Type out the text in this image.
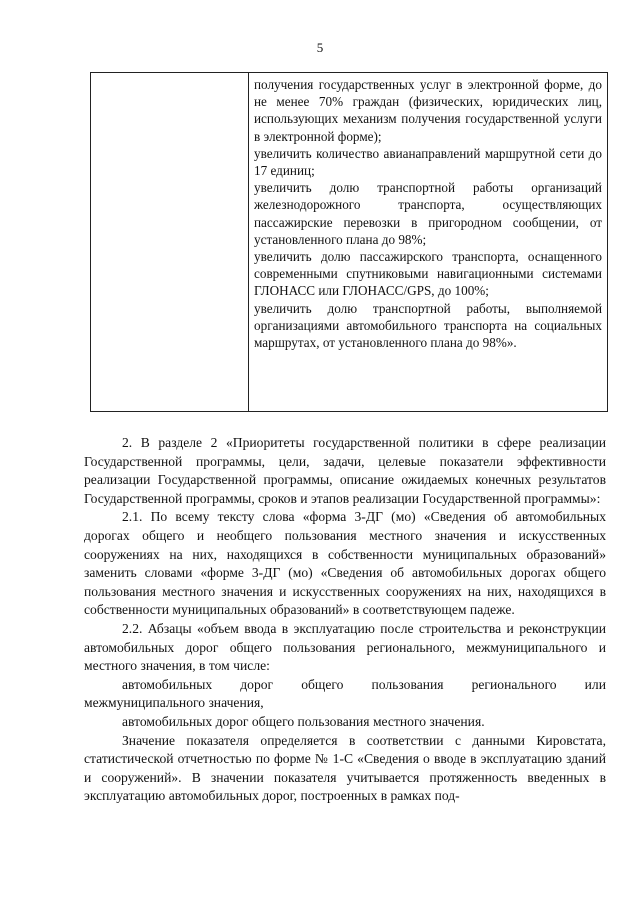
5

получения государственных услуг в электронной форме, до не менее 70% граждан (физических, юридических лиц, использующих механизм получения государственной услуги в электронной форме);

увеличить количество авианаправлений маршрутной сети до 17 единиц;

увеличить долю транспортной работы организаций железнодорожного транспорта, осуществляющих пассажирские перевозки в пригородном сообщении, от установленного плана до 98%;

увеличить долю пассажирского транспорта, оснащенного современными спутниковыми навигационными системами ГЛОНАСС или ГЛОНАСС/GPS, до 100%;

увеличить долю транспортной работы, выполняемой организациями автомобильного транспорта на социальных маршрутах, от установленного плана до 98%».

2. В разделе 2 «Приоритеты государственной политики в сфере реализации Государственной программы, цели, задачи, целевые показатели эффективности реализации Государственной программы, описание ожидаемых конечных результатов Государственной программы, сроков и этапов реализации Государственной программы»:

2.1. По всему тексту слова «форма 3-ДГ (мо) «Сведения об автомобильных дорогах общего и необщего пользования местного значения и искусственных сооружениях на них, находящихся в собственности муниципальных образований» заменить словами «форме 3-ДГ (мо) «Сведения об автомобильных дорогах общего пользования местного значения и искусственных сооружениях на них, находящихся в собственности муниципальных образований» в соответствующем падеже.

2.2. Абзацы «объем ввода в эксплуатацию после строительства и реконструкции автомобильных дорог общего пользования регионального, межмуниципального и местного значения, в том числе:

автомобильных дорог общего пользования регионального или межмуниципального значения,

автомобильных дорог общего пользования местного значения.

Значение показателя определяется в соответствии с данными Кировстата, статистической отчетностью по форме № 1-С «Сведения о вводе в эксплуатацию зданий и сооружений». В значении показателя учитывается протяженность введенных в эксплуатацию автомобильных дорог, построенных в рамках под-
